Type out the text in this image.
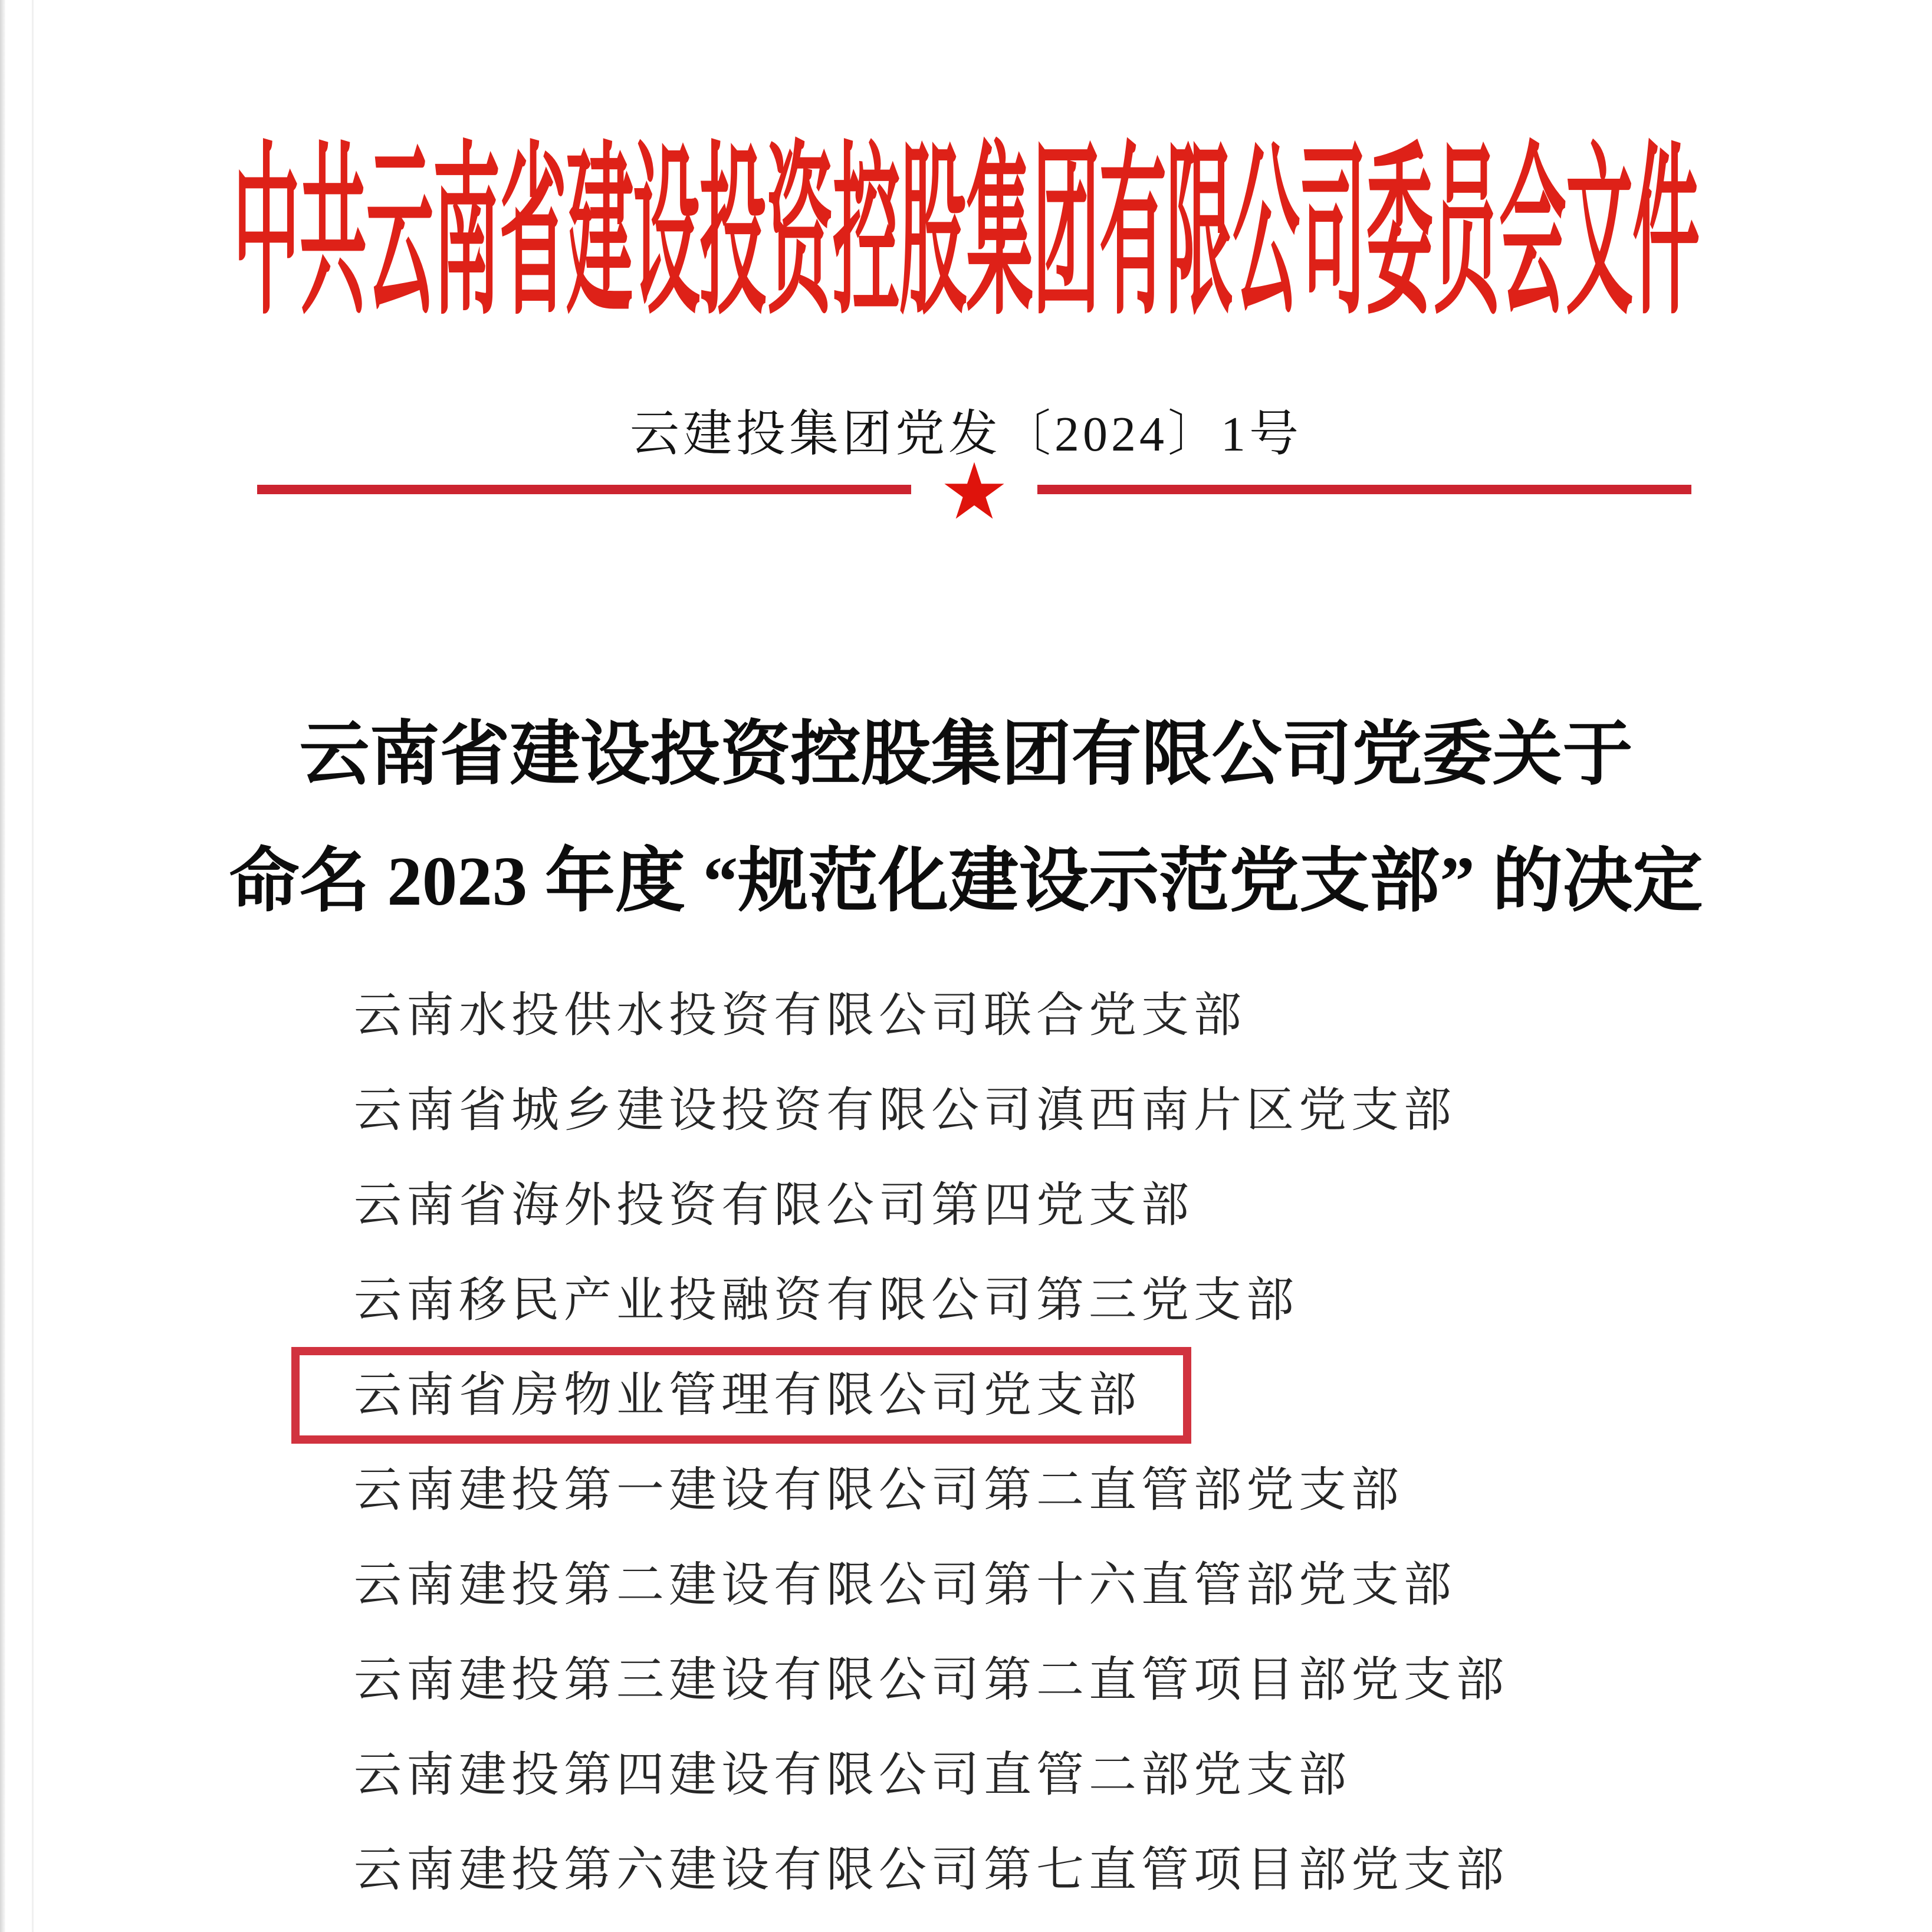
中共云南省建设投资控股集团有限公司委员会文件
云建投集团党发〔2024〕1号
★
云南省建设投资控股集团有限公司党委关于
命名 2023 年度 “规范化建设示范党支部” 的决定
云南水投供水投资有限公司联合党支部
云南省城乡建设投资有限公司滇西南片区党支部
云南省海外投资有限公司第四党支部
云南移民产业投融资有限公司第三党支部
云南省房物业管理有限公司党支部
云南建投第一建设有限公司第二直管部党支部
云南建投第二建设有限公司第十六直管部党支部
云南建投第三建设有限公司第二直管项目部党支部
云南建投第四建设有限公司直管二部党支部
云南建投第六建设有限公司第七直管项目部党支部
